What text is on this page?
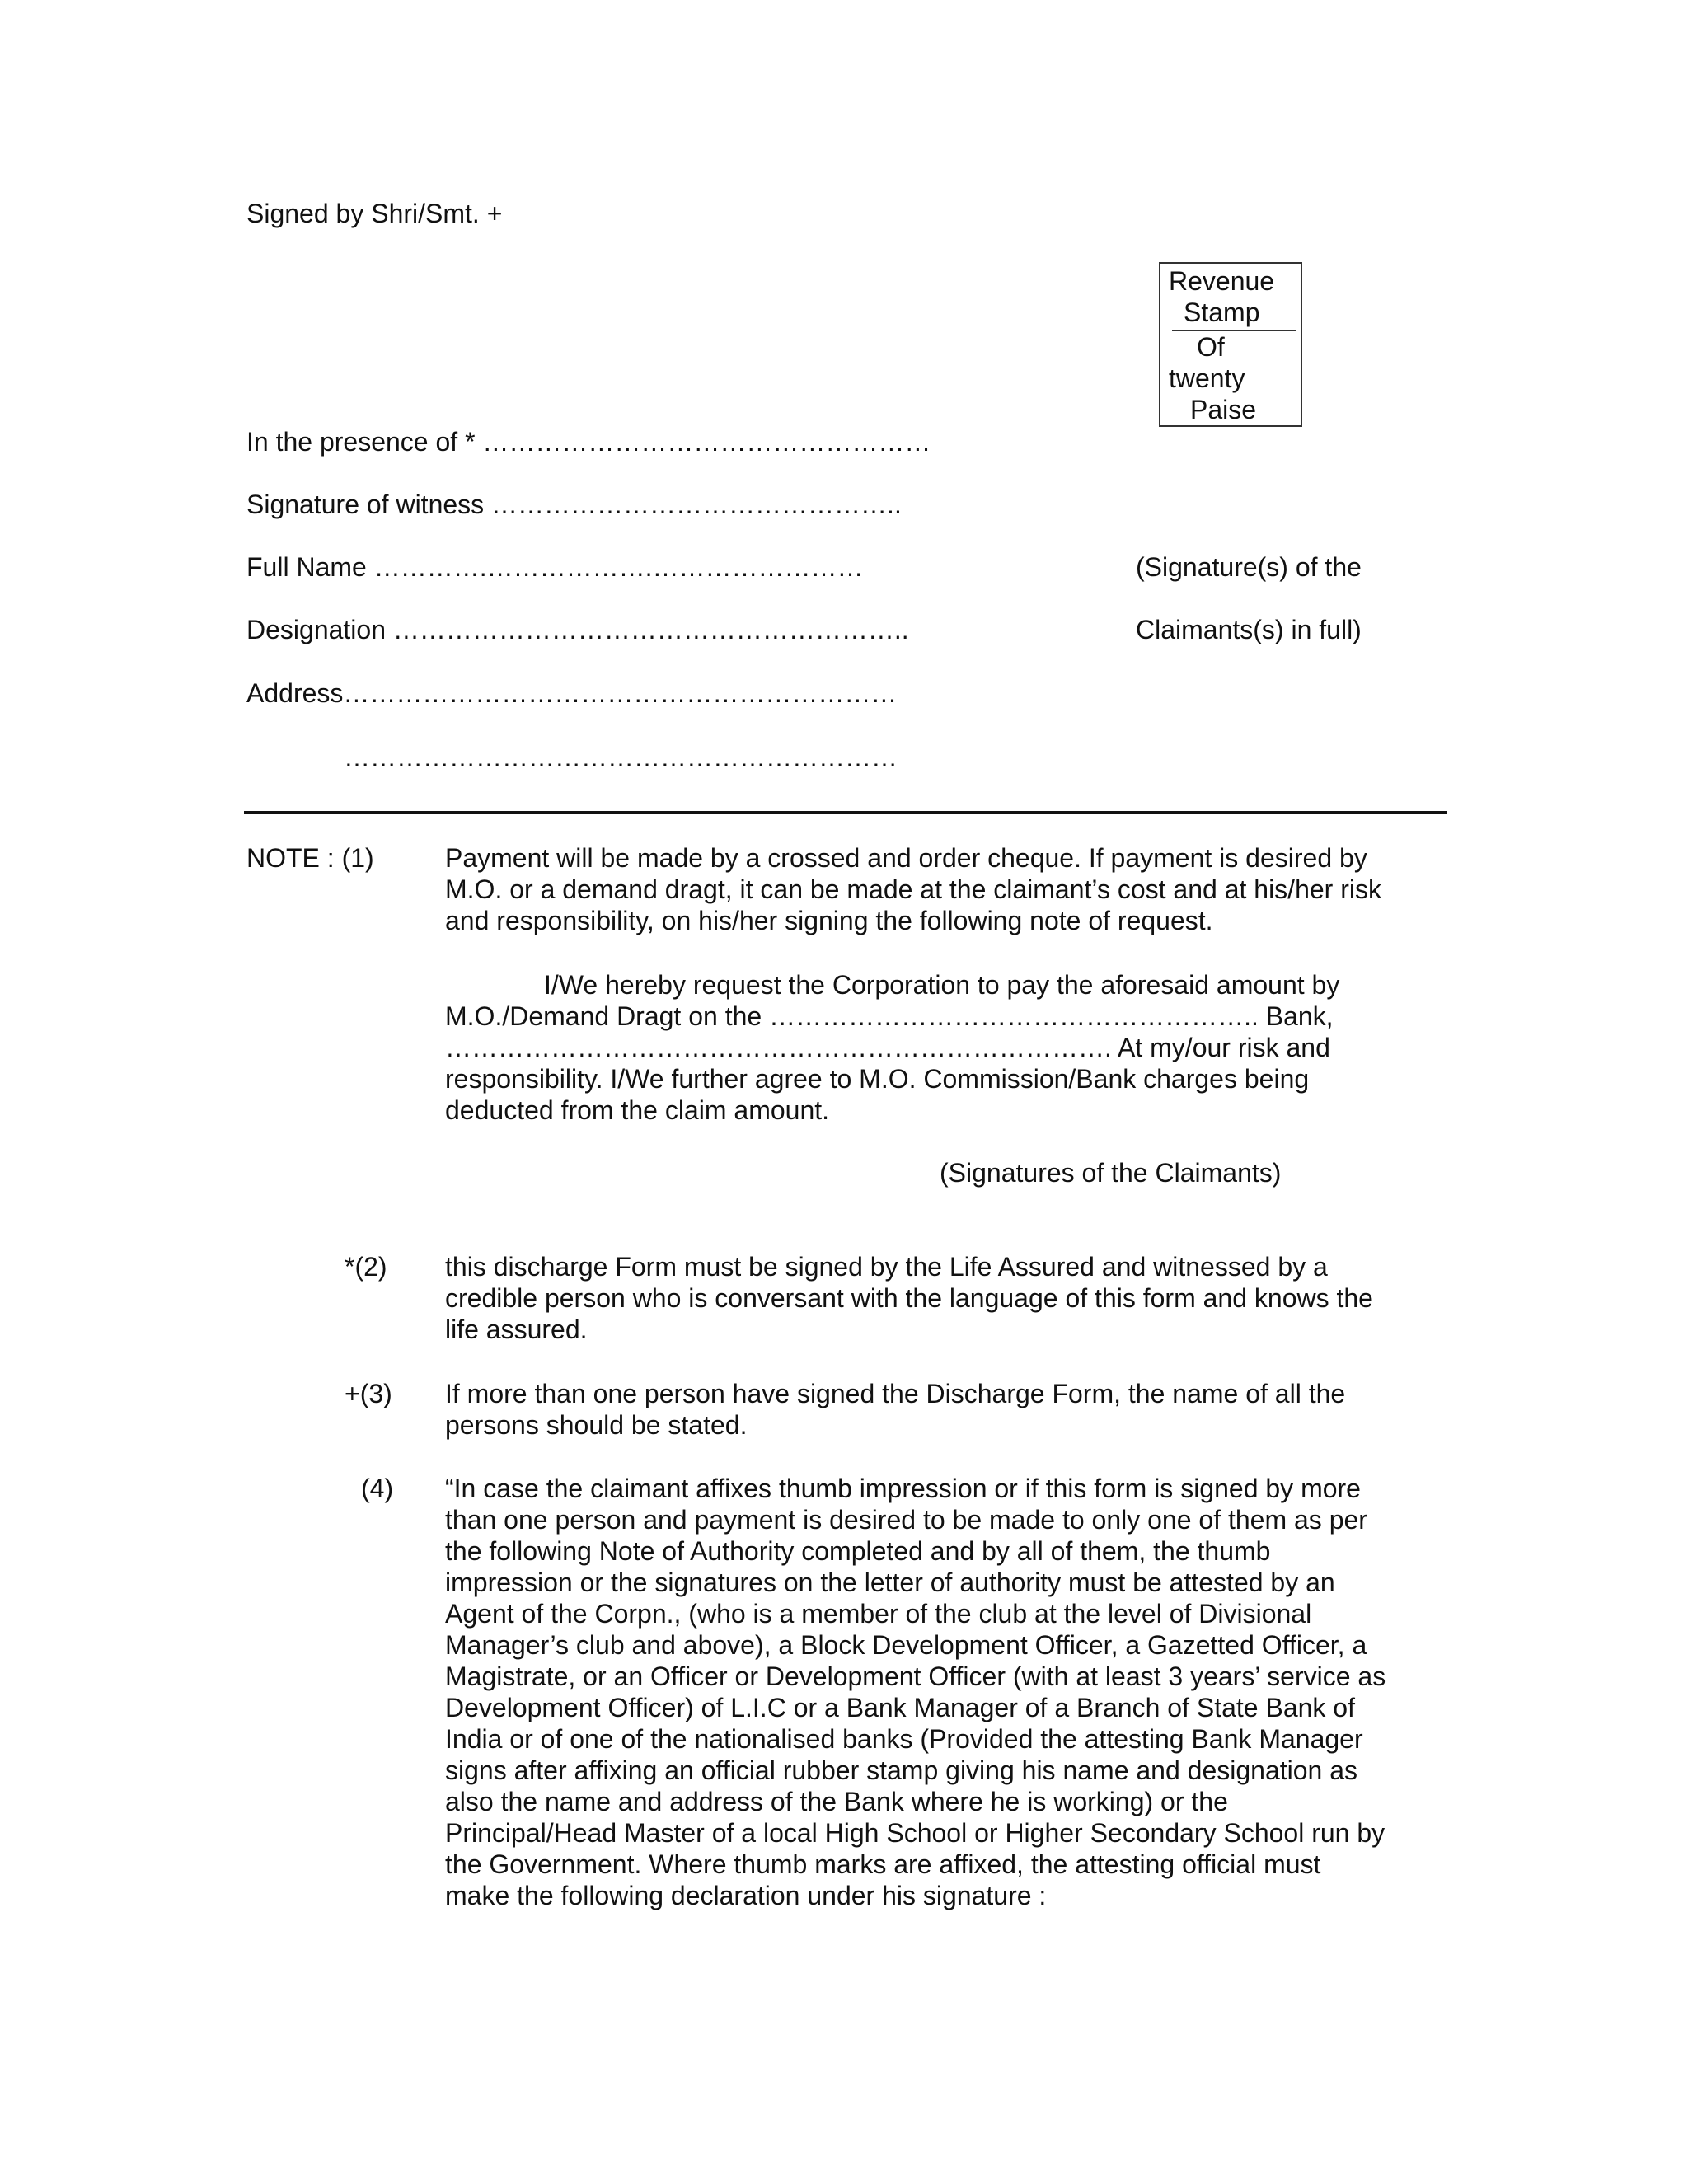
Signed by Shri/Smt. +
Revenue
Stamp
Of
twenty
Paise
In the presence of * ……………………………………………
Signature of witness ………………………………………..
Full Name ………….……………….……………………
Designation …………………………………………………..
Address………………………………………………………
………………………………………………………
(Signature(s) of the
Claimants(s) in full)
NOTE : (1)	Payment will be made by a crossed and order cheque. If payment is desired by
M.O. or a demand dragt, it can be made at the claimant’s cost and at his/her risk
and responsibility, on his/her signing the following note of request.
I/We hereby request the Corporation to pay the aforesaid amount by
M.O./Demand Dragt on the ……………………………………………….. Bank,
…………………………………………………………………. At my/our risk and
responsibility. I/We further agree to M.O. Commission/Bank charges being
deducted from the claim amount.
(Signatures of the Claimants)
*(2) this discharge Form must be signed by the Life Assured and witnessed by a
credible person who is conversant with the language of this form and knows the
life assured.
+(3) If more than one person have signed the Discharge Form, the name of all the
persons should be stated.
(4) “In case the claimant affixes thumb impression or if this form is signed by more
than one person and payment is desired to be made to only one of them as per
the following Note of Authority completed and by all of them, the thumb
impression or the signatures on the letter of authority must be attested by an
Agent of the Corpn., (who is a member of the club at the level of Divisional
Manager’s club and above), a Block Development Officer, a Gazetted Officer, a
Magistrate, or an Officer or Development Officer (with at least 3 years’ service as
Development Officer) of L.I.C or a Bank Manager of a Branch of State Bank of
India or of one of the nationalised banks (Provided the attesting Bank Manager
signs after affixing an official rubber stamp giving his name and designation as
also the name and address of the Bank where he is working) or the
Principal/Head Master of a local High School or Higher Secondary School run by
the Government. Where thumb marks are affixed, the attesting official must
make the following declaration under his signature :
